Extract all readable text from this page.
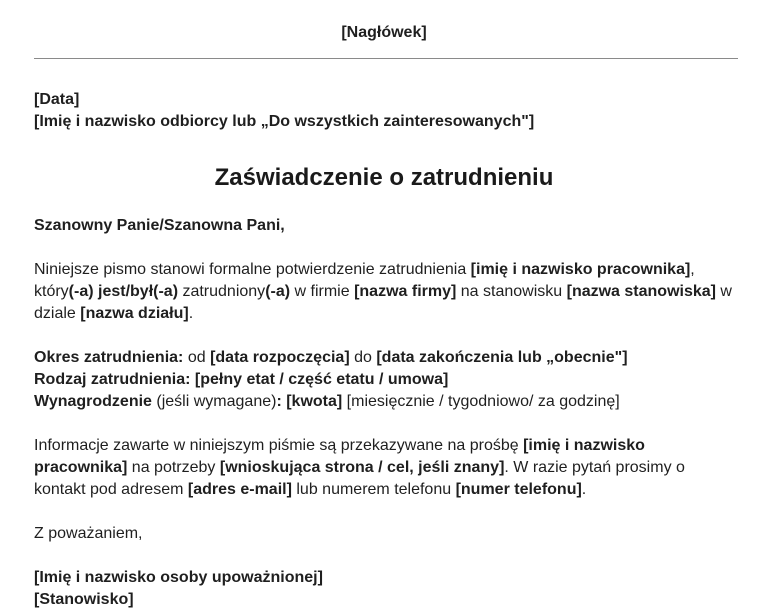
[Nagłówek]

[Data]

[Imię i nazwisko odbiorcy lub „Do wszystkich zainteresowanych"]

Zaświadczenie o zatrudnieniu

Szanowny Panie/Szanowna Pani,

Niniejsze pismo stanowi formalne potwierdzenie zatrudnienia [imię i nazwisko pracownika], który(-a) jest/był(-a) zatrudniony(-a) w firmie [nazwa firmy] na stanowisku [nazwa stanowiska] w dziale [nazwa działu].

Okres zatrudnienia: od [data rozpoczęcia] do [data zakończenia lub „obecnie"]

Rodzaj zatrudnienia: [pełny etat / część etatu / umowa]

Wynagrodzenie (jeśli wymagane): [kwota] [miesięcznie / tygodniowo/ za godzinę]

Informacje zawarte w niniejszym piśmie są przekazywane na prośbę [imię i nazwisko pracownika] na potrzeby [wnioskująca strona / cel, jeśli znany]. W razie pytań prosimy o kontakt pod adresem [adres e-mail] lub numerem telefonu [numer telefonu].

Z poważaniem,

[Imię i nazwisko osoby upoważnionej]

[Stanowisko]
